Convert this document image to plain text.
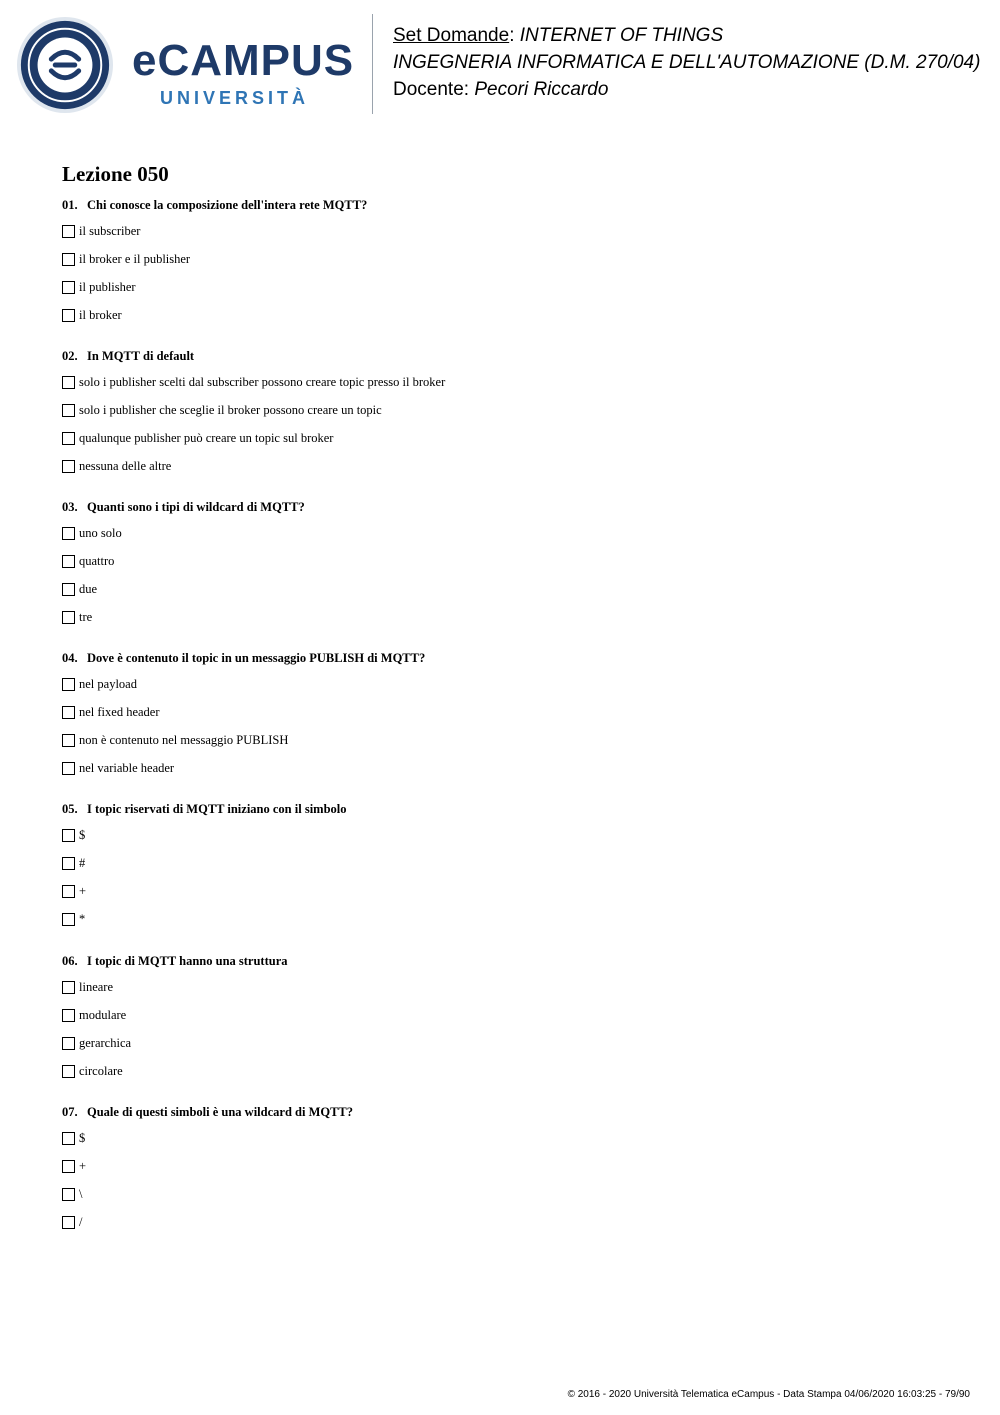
eCAMPUS
UNIVERSITÀ
Set Domande: INTERNET OF THINGS
INGEGNERIA INFORMATICA E DELL'AUTOMAZIONE (D.M. 270/04)
Docente: Pecori Riccardo
Lezione 050
01. Chi conosce la composizione dell'intera rete MQTT?
il subscriber
il broker e il publisher
il publisher
il broker
02. In MQTT di default
solo i publisher scelti dal subscriber possono creare topic presso il broker
solo i publisher che sceglie il broker possono creare un topic
qualunque publisher può creare un topic sul broker
nessuna delle altre
03. Quanti sono i tipi di wildcard di MQTT?
uno solo
quattro
due
tre
04. Dove è contenuto il topic in un messaggio PUBLISH di MQTT?
nel payload
nel fixed header
non è contenuto nel messaggio PUBLISH
nel variable header
05. I topic riservati di MQTT iniziano con il simbolo
$
#
+
*
06. I topic di MQTT hanno una struttura
lineare
modulare
gerarchica
circolare
07. Quale di questi simboli è una wildcard di MQTT?
$
+
\
/
© 2016 - 2020 Università Telematica eCampus - Data Stampa 04/06/2020 16:03:25 - 79/90
